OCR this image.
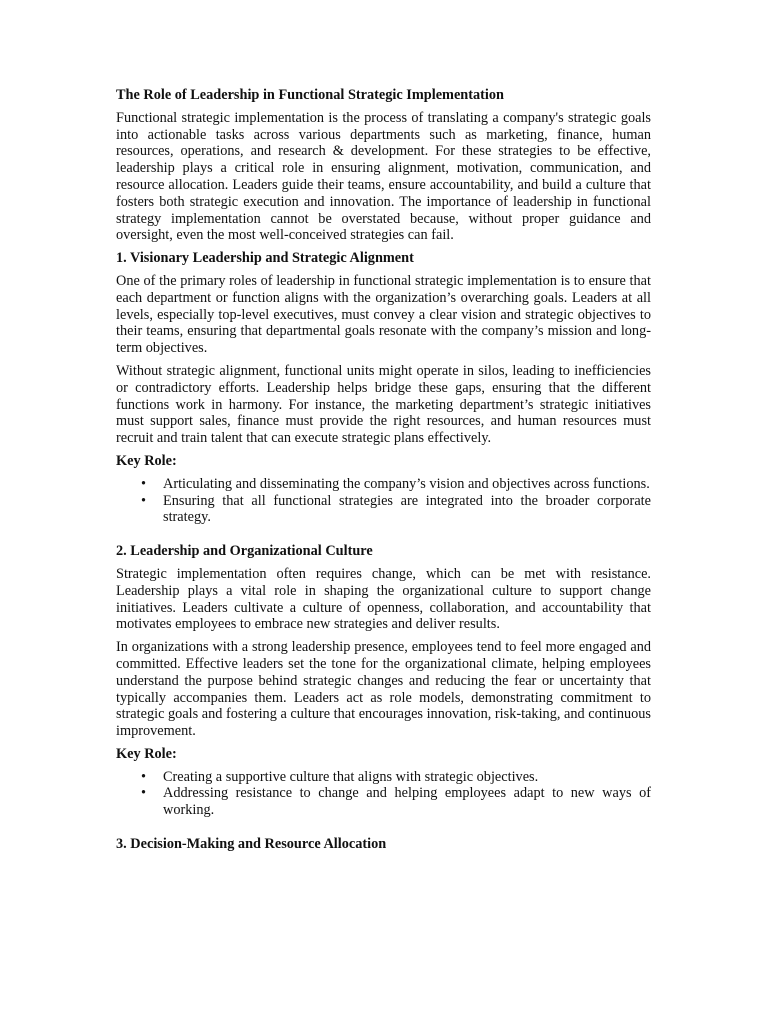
The Role of Leadership in Functional Strategic Implementation

Functional strategic implementation is the process of translating a company's strategic goals into actionable tasks across various departments such as marketing, finance, human resources, operations, and research & development. For these strategies to be effective, leadership plays a critical role in ensuring alignment, motivation, communication, and resource allocation. Leaders guide their teams, ensure accountability, and build a culture that fosters both strategic execution and innovation. The importance of leadership in functional strategy implementation cannot be overstated because, without proper guidance and oversight, even the most well-conceived strategies can fail.

1. Visionary Leadership and Strategic Alignment

One of the primary roles of leadership in functional strategic implementation is to ensure that each department or function aligns with the organization’s overarching goals. Leaders at all levels, especially top-level executives, must convey a clear vision and strategic objectives to their teams, ensuring that departmental goals resonate with the company’s mission and long-term objectives.

Without strategic alignment, functional units might operate in silos, leading to inefficiencies or contradictory efforts. Leadership helps bridge these gaps, ensuring that the different functions work in harmony. For instance, the marketing department’s strategic initiatives must support sales, finance must provide the right resources, and human resources must recruit and train talent that can execute strategic plans effectively.

Key Role:
• Articulating and disseminating the company’s vision and objectives across functions.
• Ensuring that all functional strategies are integrated into the broader corporate strategy.
2. Leadership and Organizational Culture

Strategic implementation often requires change, which can be met with resistance. Leadership plays a vital role in shaping the organizational culture to support change initiatives. Leaders cultivate a culture of openness, collaboration, and accountability that motivates employees to embrace new strategies and deliver results.

In organizations with a strong leadership presence, employees tend to feel more engaged and committed. Effective leaders set the tone for the organizational climate, helping employees understand the purpose behind strategic changes and reducing the fear or uncertainty that typically accompanies them. Leaders act as role models, demonstrating commitment to strategic goals and fostering a culture that encourages innovation, risk-taking, and continuous improvement.

Key Role:
• Creating a supportive culture that aligns with strategic objectives.
• Addressing resistance to change and helping employees adapt to new ways of working.
3. Decision-Making and Resource Allocation
